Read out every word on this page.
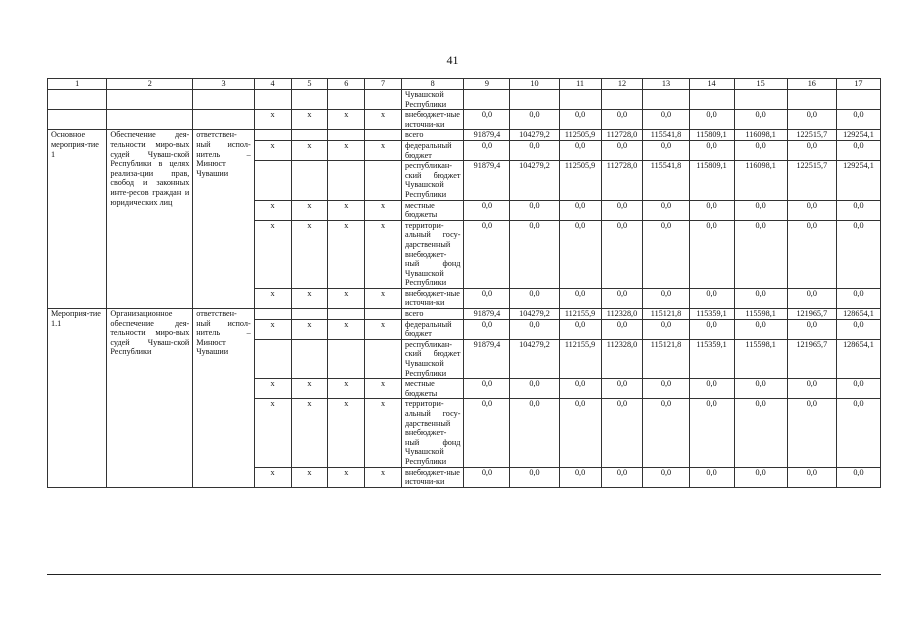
41
1	2	3	4	5	6	7	8	9	10	11	12	13	14	15	16	17
							Чувашской Республики									
			x	x	x	x	внебюджет-ные источни-ки	0,0	0,0	0,0	0,0	0,0	0,0	0,0	0,0	0,0
Основное мероприя-тие 1	Обеспечение дея-тельности миро-вых судей Чуваш-ской Республики в целях реализа-ции прав, свобод и законных инте-ресов граждан и юридических лиц	ответствен-ный испол-нитель – Минюст Чувашии					всего	91879,4	104279,2	112505,9	112728,0	115541,8	115809,1	116098,1	122515,7	129254,1
			x	x	x	x	федеральный бюджет	0,0	0,0	0,0	0,0	0,0	0,0	0,0	0,0	0,0
							республикан-ский бюджет Чувашской Республики	91879,4	104279,2	112505,9	112728,0	115541,8	115809,1	116098,1	122515,7	129254,1
			x	x	x	x	местные бюджеты	0,0	0,0	0,0	0,0	0,0	0,0	0,0	0,0	0,0
			x	x	x	x	территори-альный госу-дарственный внебюджет-ный фонд Чувашской Республики	0,0	0,0	0,0	0,0	0,0	0,0	0,0	0,0	0,0
			x	x	x	x	внебюджет-ные источни-ки	0,0	0,0	0,0	0,0	0,0	0,0	0,0	0,0	0,0
Мероприя-тие 1.1	Организационное обеспечение дея-тельности миро-вых судей Чуваш-ской Республики	ответствен-ный испол-нитель – Минюст Чувашии					всего	91879,4	104279,2	112155,9	112328,0	115121,8	115359,1	115598,1	121965,7	128654,1
			x	x	x	x	федеральный бюджет	0,0	0,0	0,0	0,0	0,0	0,0	0,0	0,0	0,0
							республикан-ский бюджет Чувашской Республики	91879,4	104279,2	112155,9	112328,0	115121,8	115359,1	115598,1	121965,7	128654,1
			x	x	x	x	местные бюджеты	0,0	0,0	0,0	0,0	0,0	0,0	0,0	0,0	0,0
			x	x	x	x	территори-альный госу-дарственный внебюджет-ный фонд Чувашской Республики	0,0	0,0	0,0	0,0	0,0	0,0	0,0	0,0	0,0
			x	x	x	x	внебюджет-ные источни-ки	0,0	0,0	0,0	0,0	0,0	0,0	0,0	0,0	0,0
